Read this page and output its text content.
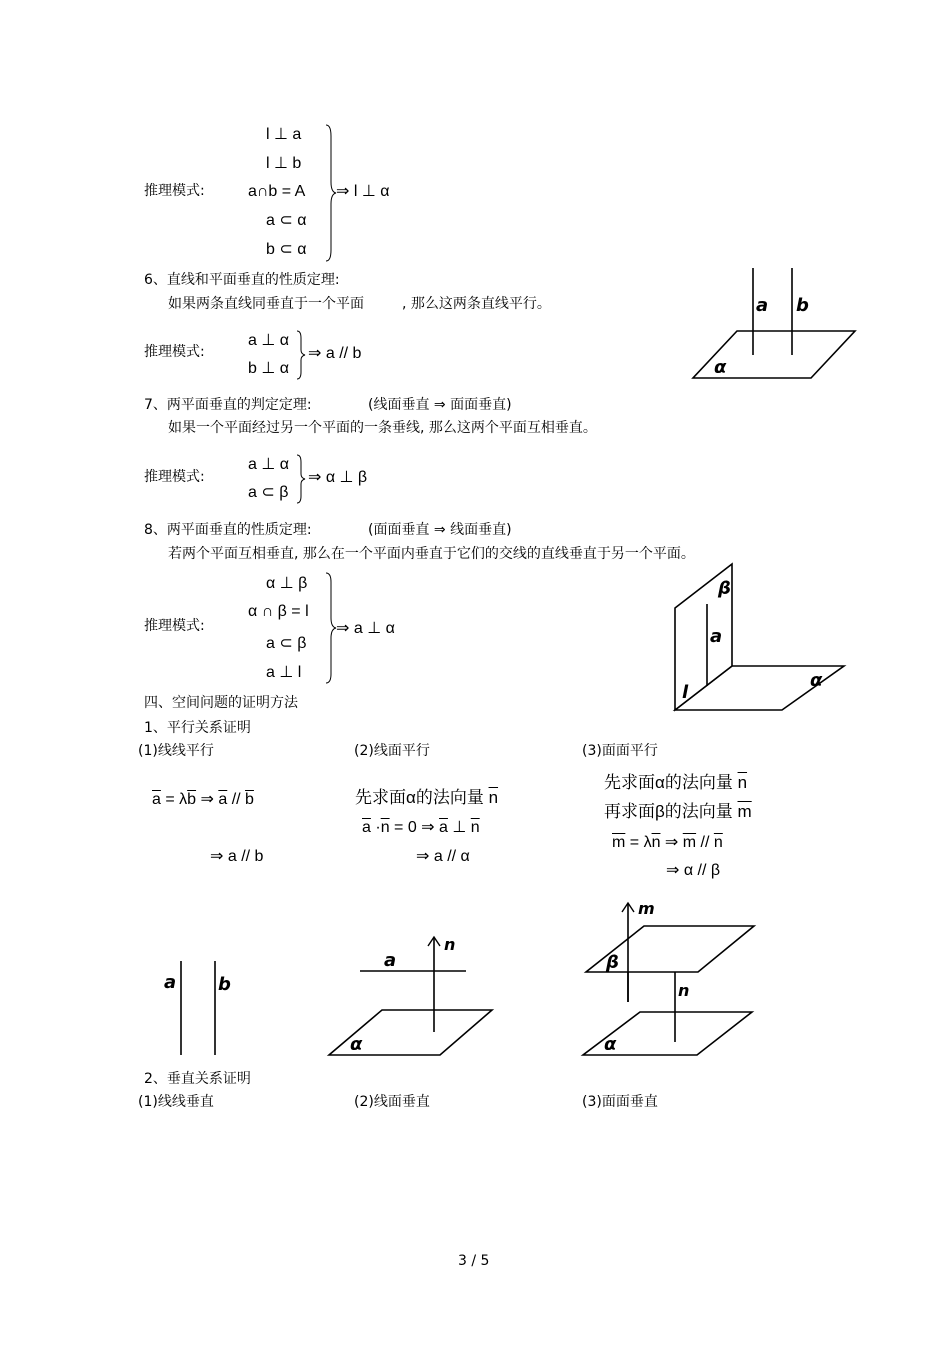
推理模式:
l ⊥ a
l ⊥ b
a∩b = A
a ⊂ α
b ⊂ α
⇒ l ⊥ α
6、直线和平面垂直的性质定理:
如果两条直线同垂直于一个平面	, 那么这两条直线平行。
推理模式:
a ⊥ α
b ⊥ α
⇒ a // b
a b
α
7、两平面垂直的判定定理:	(线面垂直 ⇒ 面面垂直)
如果一个平面经过另一个平面的一条垂线, 那么这两个平面互相垂直。
推理模式:
a ⊥ α
a ⊂ β
⇒ α ⊥ β
8、两平面垂直的性质定理:	(面面垂直 ⇒ 线面垂直)
若两个平面互相垂直, 那么在一个平面内垂直于它们的交线的直线垂直于另一个平面。
推理模式:
α ⊥ β
α ∩ β = l
a ⊂ β
a ⊥ l
⇒ a ⊥ α
β
a
l
α
四、空间问题的证明方法
1、平行关系证明
(1)线线平行	(2)线面平行	(3)面面平行
$\overline{a} = \lambda\overline{b}$ ⇒ $\overline{a} // \overline{b}$
⇒ a // b
先求面α的法向量 $\overline{n}$
$\overline{a} \cdot\overline{n} = 0$ ⇒ $\overline{a}$ ⊥ $\overline{n}$
⇒ a // α
先求面α的法向量 $\overline{n}$
再求面β的法向量 $\overline{m}$
$\overline{m} = \lambda\overline{n}$ ⇒ $\overline{m} // \overline{n}$
⇒ α // β
a b
a
n
α
m
β
n
α
2、垂直关系证明
(1)线线垂直	(2)线面垂直	(3)面面垂直
3 / 5
